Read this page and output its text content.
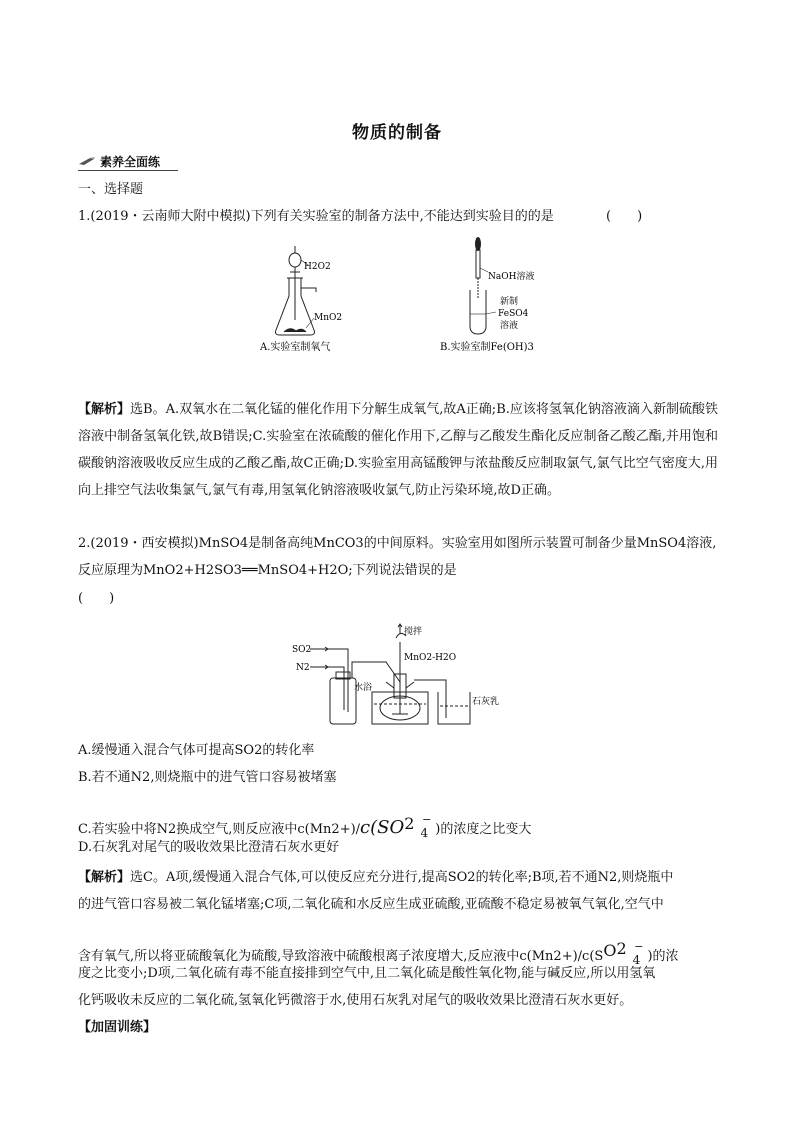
物质的制备
素养全面练
一、选择题
1.(2019・云南师大附中模拟)下列有关实验室的制备方法中,不能达到实验目的的是	(　　)
H2O2
MnO2
A.实验室制氧气
NaOH溶液
新制
FeSO4
溶液
B.实验室制Fe(OH)3
【解析】选B。A.双氧水在二氧化锰的催化作用下分解生成氧气,故A正确;B.应该将氢氧化钠溶液滴入新制硫酸铁溶液中制备氢氧化铁,故B错误;C.实验室在浓硫酸的催化作用下,乙醇与乙酸发生酯化反应制备乙酸乙酯,并用饱和碳酸钠溶液吸收反应生成的乙酸乙酯,故C正确;D.实验室用高锰酸钾与浓盐酸反应制取氯气,氯气比空气密度大,用向上排空气法收集氯气,氯气有毒,用氢氧化钠溶液吸收氯气,防止污染环境,故D正确。
2.(2019・西安模拟)MnSO4是制备高纯MnCO3的中间原料。实验室用如图所示装置可制备少量MnSO4溶液,
反应原理为MnO2+H2SO3══MnSO4+H2O;下列说法错误的是
(　　)
SO2
N2
水浴
搅拌
MnO2-H2O
石灰乳
A.缓慢通入混合气体可提高SO2的转化率
B.若不通N2,则烧瓶中的进气管口容易被堵塞
C.若实验中将N2换成空气,则反应液中c(Mn2+)/c(SO2 4−)的浓度之比变大
D.石灰乳对尾气的吸收效果比澄清石灰水更好
【解析】选C。A项,缓慢通入混合气体,可以使反应充分进行,提高SO2的转化率;B项,若不通N2,则烧瓶中
的进气管口容易被二氧化锰堵塞;C项,二氧化硫和水反应生成亚硫酸,亚硫酸不稳定易被氧气氧化,空气中
含有氧气,所以将亚硫酸氧化为硫酸,导致溶液中硫酸根离子浓度增大,反应液中c(Mn2+)/c(SO24−)的浓
度之比变小;D项,二氧化硫有毒不能直接排到空气中,且二氧化硫是酸性氧化物,能与碱反应,所以用氢氧
化钙吸收未反应的二氧化硫,氢氧化钙微溶于水,使用石灰乳对尾气的吸收效果比澄清石灰水更好。
【加固训练】
